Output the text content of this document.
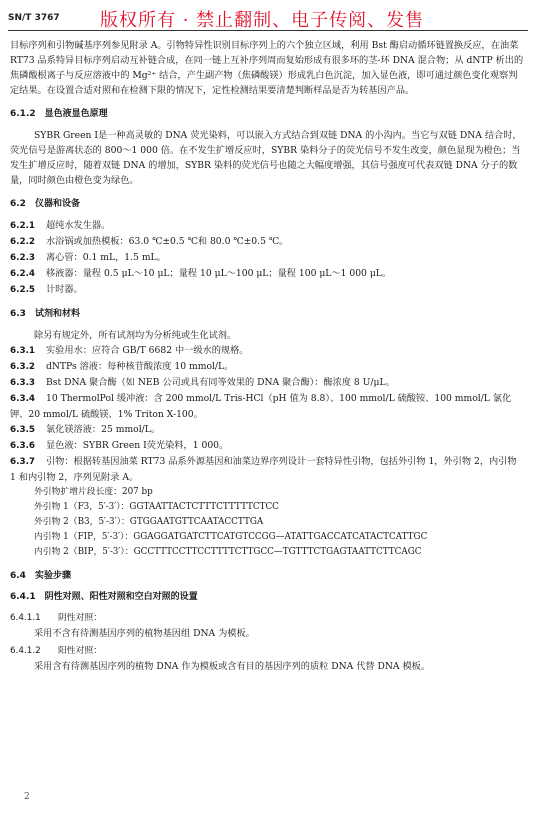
SN/T 3767 版权所有 · 禁止翻制、电子传阅、发售

目标序列和引物碱基序列参见附录 A。引物特异性识别目标序列上的六个独立区域，利用 Bst 酶启动循环链置换反应，在油菜 RT73 品系特异目标序列启动互补链合成，在同一链上互补序列周而复始形成有很多环的茎-环 DNA 混合物；从 dNTP 析出的焦磷酸根离子与反应溶液中的 Mg²⁺ 结合，产生副产物（焦磷酸镁）形成乳白色沉淀，加入显色液，即可通过颜色变化观察判定结果。在设置合适对照和在检测下限的情况下，定性检测结果要清楚判断样品是否为转基因产品。

6.1.2　显色液显色原理

SYBR Green Ⅰ是一种高灵敏的 DNA 荧光染料，可以嵌入方式结合到双链 DNA 的小沟内。当它与双链 DNA 结合时，荧光信号是游离状态的 800～1 000 倍。在不发生扩增反应时，SYBR 染料分子的荧光信号不发生改变，颜色显现为橙色；当发生扩增反应时，随着双链 DNA 的增加，SYBR 染料的荧光信号也随之大幅度增强，其信号强度可代表双链 DNA 分子的数量，同时颜色由橙色变为绿色。

6.2　仪器和设备
6.2.1 超纯水发生器。
6.2.2 水浴锅或加热模板：63.0 ℃±0.5 ℃和 80.0 ℃±0.5 ℃。
6.2.3 离心管：0.1 mL，1.5 mL。
6.2.4 移液器：量程 0.5 μL～10 μL；量程 10 μL～100 μL；量程 100 μL～1 000 μL。
6.2.5 计时器。
6.3　试剂和材料

除另有规定外，所有试剂均为分析纯或生化试剂。

6.3.1 实验用水：应符合 GB/T 6682 中一级水的规格。
6.3.2 dNTPs 溶液：每种核苷酸浓度 10 mmol/L。
6.3.3 Bst DNA 聚合酶（如 NEB 公司或具有同等效果的 DNA 聚合酶）：酶浓度 8 U/μL。
6.3.4 10 ThermolPol 缓冲液：含 200 mmol/L Tris-HCl（pH 值为 8.8）、100 mmol/L 硫酸铵、100 mmol/L 氯化钾、20 mmol/L 硫酸镁、1% Triton X-100。
6.3.5 氯化镁溶液：25 mmol/L。
6.3.6 显色液：SYBR Green Ⅰ荧光染料，1 000。
6.3.7 引物：根据转基因油菜 RT73 品系外源基因和油菜边界序列设计一套特异性引物，包括外引物 1，外引物 2，内引物 1 和内引物 2，序列见附录 A。
外引物扩增片段长度：207 bp
外引物 1（F3，5′-3′）：GGTAATTACTCTTTCTTTTTCTCC
外引物 2（B3，5′-3′）：GTGGAATGTTCAATACCTTGA
内引物 1（FIP，5′-3′）：GGAGGATGATCTTCATGTCCGG—ATATTGACCATCATACTCATTGC
内引物 2（BIP，5′-3′）：GCCTTTCCTTCCTTTTCTTGCC—TGTTTCTGAGTAATTCTTCAGC
6.4　实验步骤
6.4.1　阴性对照、阳性对照和空白对照的设置
6.4.1.1 阴性对照：

采用不含有待测基因序列的植物基因组 DNA 为模板。

6.4.1.2 阳性对照：

采用含有待测基因序列的植物 DNA 作为模板或含有目的基因序列的质粒 DNA 代替 DNA 模板。

2
